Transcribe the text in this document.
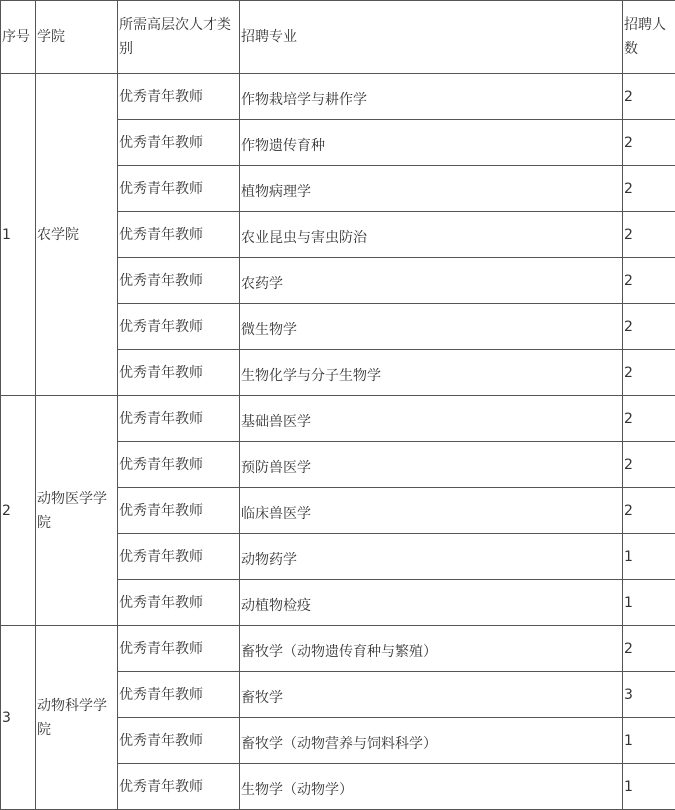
序号	学院	所需高层次人才类别	招聘专业	招聘人数
1	农学院	优秀青年教师	作物栽培学与耕作学	2
		优秀青年教师	作物遗传育种	2
		优秀青年教师	植物病理学	2
		优秀青年教师	农业昆虫与害虫防治	2
		优秀青年教师	农药学	2
		优秀青年教师	微生物学	2
		优秀青年教师	生物化学与分子生物学	2
2	动物医学学院	优秀青年教师	基础兽医学	2
		优秀青年教师	预防兽医学	2
		优秀青年教师	临床兽医学	2
		优秀青年教师	动物药学	1
		优秀青年教师	动植物检疫	1
3	动物科学学院	优秀青年教师	畜牧学（动物遗传育种与繁殖）	2
		优秀青年教师	畜牧学	3
		优秀青年教师	畜牧学（动物营养与饲料科学）	1
		优秀青年教师	生物学（动物学）	1
